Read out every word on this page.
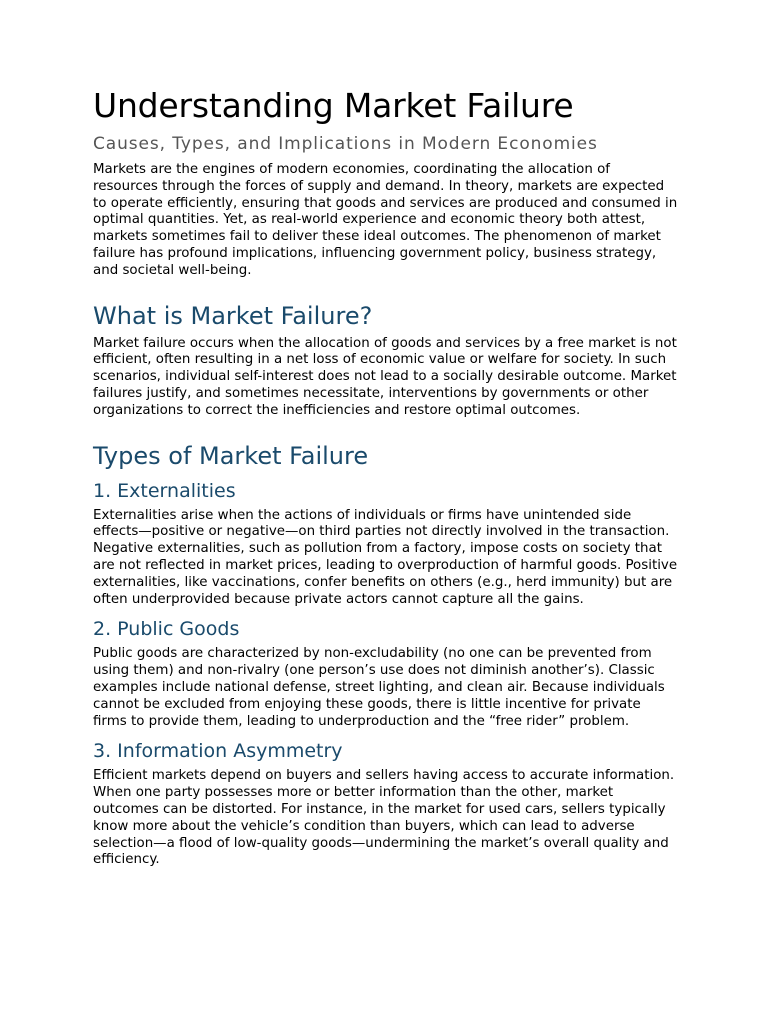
Understanding Market Failure
Causes, Types, and Implications in Modern Economies

Markets are the engines of modern economies, coordinating the allocation of resources through the forces of supply and demand. In theory, markets are expected to operate efficiently, ensuring that goods and services are produced and consumed in optimal quantities. Yet, as real-world experience and economic theory both attest, markets sometimes fail to deliver these ideal outcomes. The phenomenon of market failure has profound implications, influencing government policy, business strategy, and societal well-being.

What is Market Failure?

Market failure occurs when the allocation of goods and services by a free market is not efficient, often resulting in a net loss of economic value or welfare for society. In such scenarios, individual self-interest does not lead to a socially desirable outcome. Market failures justify, and sometimes necessitate, interventions by governments or other organizations to correct the inefficiencies and restore optimal outcomes.

Types of Market Failure
1. Externalities

Externalities arise when the actions of individuals or firms have unintended side effects—positive or negative—on third parties not directly involved in the transaction. Negative externalities, such as pollution from a factory, impose costs on society that are not reflected in market prices, leading to overproduction of harmful goods. Positive externalities, like vaccinations, confer benefits on others (e.g., herd immunity) but are often underprovided because private actors cannot capture all the gains.

2. Public Goods

Public goods are characterized by non-excludability (no one can be prevented from using them) and non-rivalry (one person’s use does not diminish another’s). Classic examples include national defense, street lighting, and clean air. Because individuals cannot be excluded from enjoying these goods, there is little incentive for private firms to provide them, leading to underproduction and the “free rider” problem.

3. Information Asymmetry

Efficient markets depend on buyers and sellers having access to accurate information. When one party possesses more or better information than the other, market outcomes can be distorted. For instance, in the market for used cars, sellers typically know more about the vehicle’s condition than buyers, which can lead to adverse selection—a flood of low-quality goods—undermining the market’s overall quality and efficiency.
